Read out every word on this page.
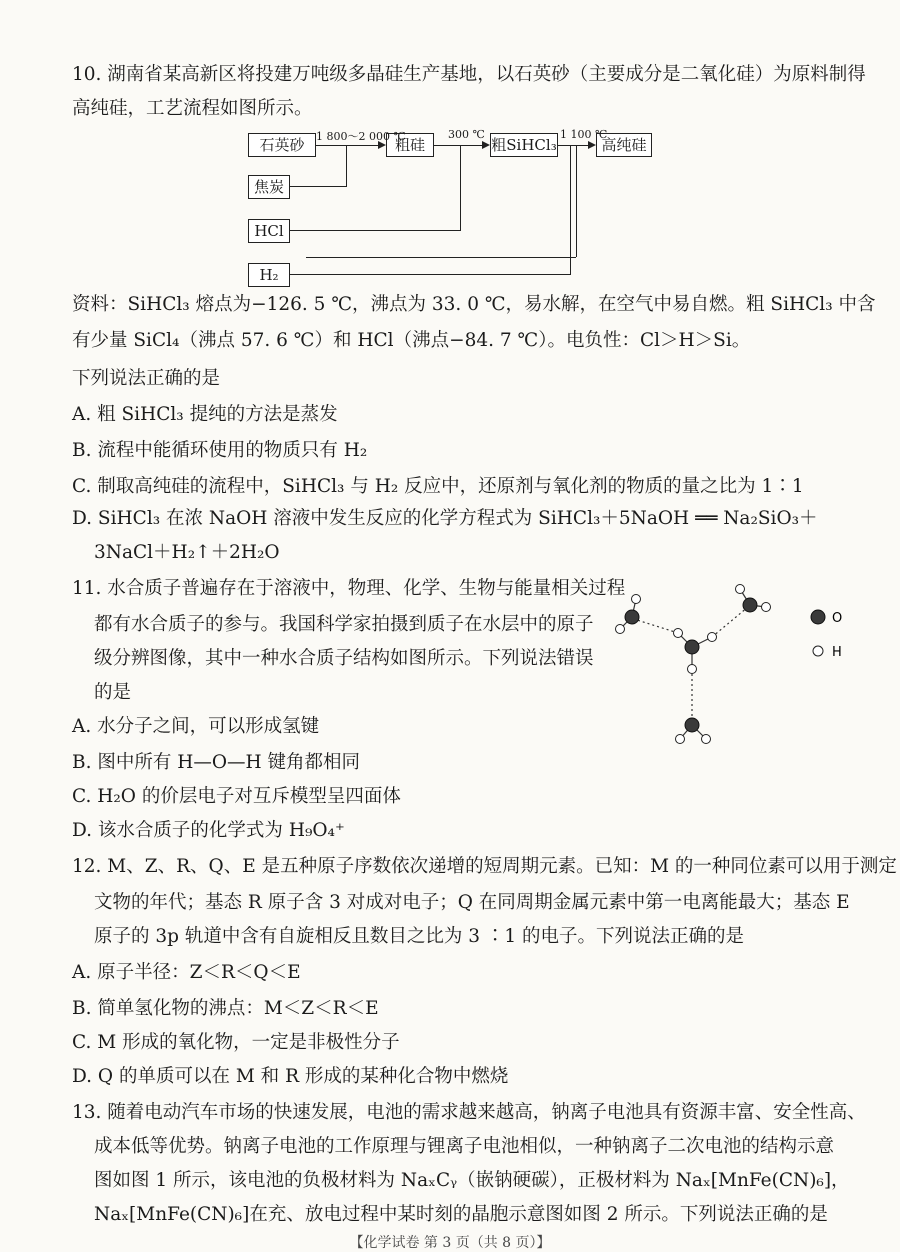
10. 湖南省某高新区将投建万吨级多晶硅生产基地，以石英砂（主要成分是二氧化硅）为原料制得
高纯硅，工艺流程如图所示。
石英砂	粗硅	粗SiHCl₃	高纯硅
1 800～2 000 ℃	300 ℃	1 100 ℃
焦炭
HCl
H₂
资料：SiHCl₃ 熔点为−126. 5 ℃，沸点为 33. 0 ℃，易水解，在空气中易自燃。粗 SiHCl₃ 中含
有少量 SiCl₄（沸点 57. 6 ℃）和 HCl（沸点−84. 7 ℃）。电负性：Cl＞H＞Si。
下列说法正确的是
A. 粗 SiHCl₃ 提纯的方法是蒸发
B. 流程中能循环使用的物质只有 H₂
C. 制取高纯硅的流程中，SiHCl₃ 与 H₂ 反应中，还原剂与氧化剂的物质的量之比为 1∶1
D. SiHCl₃ 在浓 NaOH 溶液中发生反应的化学方程式为 SiHCl₃＋5NaOH ══ Na₂SiO₃＋
3NaCl＋H₂↑＋2H₂O
11. 水合质子普遍存在于溶液中，物理、化学、生物与能量相关过程
都有水合质子的参与。我国科学家拍摄到质子在水层中的原子
级分辨图像，其中一种水合质子结构如图所示。下列说法错误
的是
A. 水分子之间，可以形成氢键
B. 图中所有 H—O—H 键角都相同
C. H₂O 的价层电子对互斥模型呈四面体
D. 该水合质子的化学式为 H₉O₄⁺
O
H
12. M、Z、R、Q、E 是五种原子序数依次递增的短周期元素。已知：M 的一种同位素可以用于测定
文物的年代；基态 R 原子含 3 对成对电子；Q 在同周期金属元素中第一电离能最大；基态 E
原子的 3p 轨道中含有自旋相反且数目之比为 3 ∶1 的电子。下列说法正确的是
A. 原子半径：Z＜R＜Q＜E
B. 简单氢化物的沸点：M＜Z＜R＜E
C. M 形成的氧化物，一定是非极性分子
D. Q 的单质可以在 M 和 R 形成的某种化合物中燃烧
13. 随着电动汽车市场的快速发展，电池的需求越来越高，钠离子电池具有资源丰富、安全性高、
成本低等优势。钠离子电池的工作原理与锂离子电池相似，一种钠离子二次电池的结构示意
图如图 1 所示，该电池的负极材料为 NaₓCᵧ（嵌钠硬碳），正极材料为 Naₓ[MnFe(CN)₆]，
Naₓ[MnFe(CN)₆]在充、放电过程中某时刻的晶胞示意图如图 2 所示。下列说法正确的是
【化学试卷 第 3 页（共 8 页）】
